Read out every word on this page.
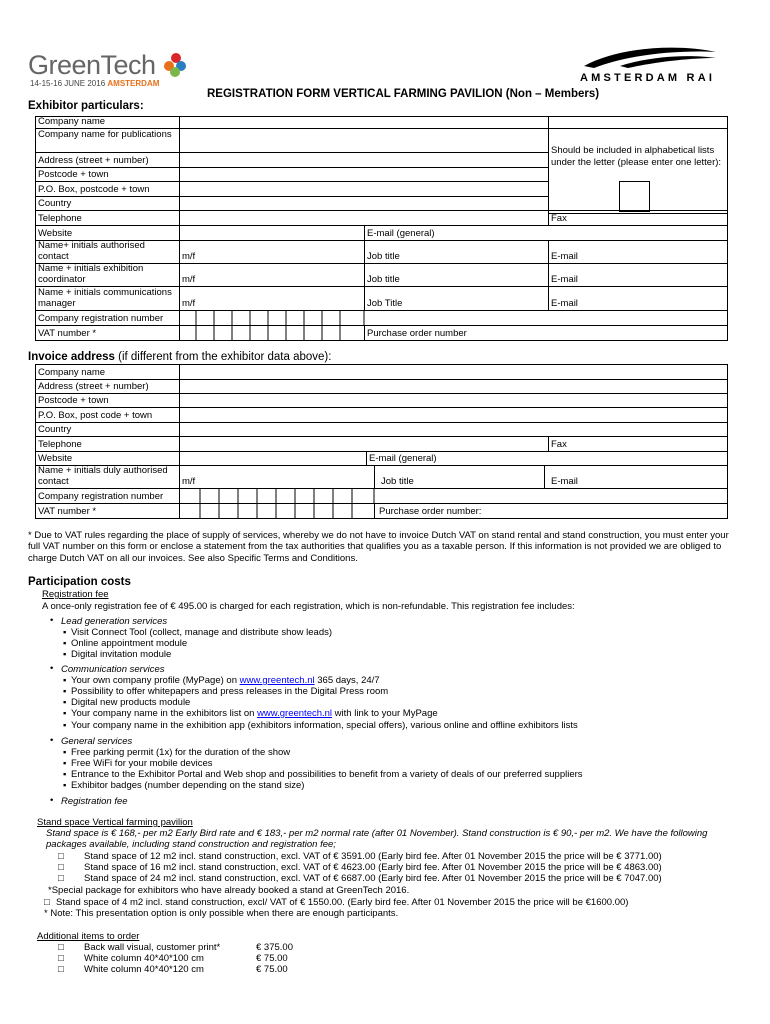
GreenTech
14-15-16 JUNE 2016 AMSTERDAM	AMSTERDAM RAI
REGISTRATION FORM VERTICAL FARMING PAVILION (Non – Members)
Exhibitor particulars:
Company name
Company name for publications
Should be included in alphabetical lists under the letter (please enter one letter):
Address (street + number)
Postcode + town
P.O. Box, postcode + town
Country
Telephone	Fax
Website	E-mail (general)
Name+ initials authorised contact	m/f	Job title	E-mail
Name + initials exhibition coordinator	m/f	Job title	E-mail
Name + initials communications manager	m/f	Job Title	E-mail
Company registration number
VAT number *	Purchase order number
Invoice address (if different from the exhibitor data above):
Company name
Address (street + number)
Postcode + town
P.O. Box, post code + town
Country
Telephone	Fax
Website	E-mail (general)
Name + initials duly authorised contact	m/f	Job title	E-mail
Company registration number
VAT number *	Purchase order number:
* Due to VAT rules regarding the place of supply of services, whereby we do not have to invoice Dutch VAT on stand rental and stand construction, you must enter your full VAT number on this form or enclose a statement from the tax authorities that qualifies you as a taxable person. If this information is not provided we are obliged to charge Dutch VAT on all our invoices. See also Specific Terms and Conditions.
Participation costs
Registration fee
A once-only registration fee of € 495.00 is charged for each registration, which is non-refundable. This registration fee includes:
• Lead generation services
▪ Visit Connect Tool (collect, manage and distribute show leads)
▪ Online appointment module
▪ Digital invitation module
• Communication services
▪ Your own company profile (MyPage) on www.greentech.nl 365 days, 24/7
▪ Possibility to offer whitepapers and press releases in the Digital Press room
▪ Digital new products module
▪ Your company name in the exhibitors list on www.greentech.nl with link to your MyPage
▪ Your company name in the exhibition app (exhibitors information, special offers), various online and offline exhibitors lists
• General services
▪ Free parking permit (1x) for the duration of the show
▪ Free WiFi for your mobile devices
▪ Entrance to the Exhibitor Portal and Web shop and possibilities to benefit from a variety of deals of our preferred suppliers
▪ Exhibitor badges (number depending on the stand size)
• Registration fee
Stand space Vertical farming pavilion
Stand space is € 168,- per m2 Early Bird rate and € 183,- per m2 normal rate (after 01 November). Stand construction is € 90,- per m2. We have the following packages available, including stand construction and registration fee;
□ Stand space of 12 m2 incl. stand construction, excl. VAT of € 3591.00 (Early bird fee. After 01 November 2015 the price will be € 3771.00)
□ Stand space of 16 m2 incl. stand construction, excl. VAT of € 4623.00 (Early bird fee. After 01 November 2015 the price will be € 4863.00)
□ Stand space of 24 m2 incl. stand construction, excl. VAT of € 6687.00 (Early bird fee. After 01 November 2015 the price will be € 7047.00)
*Special package for exhibitors who have already booked a stand at GreenTech 2016.
□ Stand space of 4 m2 incl. stand construction, excl/ VAT of € 1550.00. (Early bird fee. After 01 November 2015 the price will be €1600.00)
* Note: This presentation option is only possible when there are enough participants.
Additional items to order
□ Back wall visual, customer print*	€ 375.00
□ White column 40*40*100 cm	€ 75.00
□ White column 40*40*120 cm	€ 75.00
